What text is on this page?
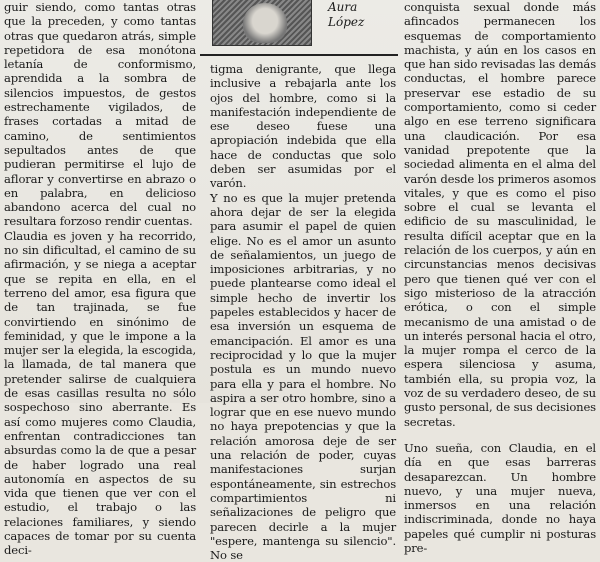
guir siendo, como tantas otras que la preceden, y como tantas otras que quedaron atrás, simple repetidora de esa monótona letanía de conformismo, aprendida a la sombra de silencios impuestos, de gestos estrechamente vigilados, de frases cortadas a mitad de camino, de sentimientos sepultados antes de que pudieran permitirse el lujo de aflorar y convertirse en abrazo o en palabra, en delicioso abandono acerca del cual no resultara forzoso rendir cuentas.

Claudia es joven y ha recorrido, no sin dificultad, el camino de su afirmación, y se niega a aceptar que se repita en ella, en el terreno del amor, esa figura que de tan trajinada, se fue convirtiendo en sinónimo de feminidad, y que le impone a la mujer ser la elegida, la escogida, la llamada, de tal manera que pretender salirse de cualquiera de esas casillas resulta no sólo sospechoso sino aberrante. Es así como mujeres como Claudia, enfrentan contradicciones tan absurdas como la de que a pesar de haber logrado una real autonomía en aspectos de su vida que tienen que ver con el estudio, el trabajo o las relaciones familiares, y siendo capaces de tomar por su cuenta deci-

Aura
López

tigma denigrante, que llega inclusive a rebajarla ante los ojos del hombre, como si la manifestación independiente de ese deseo fuese una apropiación indebida que ella hace de conductas que solo deben ser asumidas por el varón.

Y no es que la mujer pretenda ahora dejar de ser la elegida para asumir el papel de quien elige. No es el amor un asunto de señalamientos, un juego de imposiciones arbitrarias, y no puede plantearse como ideal el simple hecho de invertir los papeles establecidos y hacer de esa inversión un esquema de emancipación. El amor es una reciprocidad y lo que la mujer postula es un mundo nuevo para ella y para el hombre. No aspira a ser otro hombre, sino a lograr que en ese nuevo mundo no haya prepotencias y que la relación amorosa deje de ser una relación de poder, cuyas manifestaciones surjan espontáneamente, sin estrechos compartimientos ni señalizaciones de peligro que parecen decirle a la mujer "espere, mantenga su silencio". No se

conquista sexual donde más afincados permanecen los esquemas de comportamiento machista, y aún en los casos en que han sido revisadas las demás conductas, el hombre parece preservar ese estadio de su comportamiento, como si ceder algo en ese terreno significara una claudicación. Por esa vanidad prepotente que la sociedad alimenta en el alma del varón desde los primeros asomos vitales, y que es como el piso sobre el cual se levanta el edificio de su masculinidad, le resulta difícil aceptar que en la relación de los cuerpos, y aún en circunstancias menos decisivas pero que tienen qué ver con el sigo misterioso de la atracción erótica, o con el simple mecanismo de una amistad o de un interés personal hacia el otro, la mujer rompa el cerco de la espera silenciosa y asuma, también ella, su propia voz, la voz de su verdadero deseo, de su gusto personal, de sus decisiones secretas.

Uno sueña, con Claudia, en el día en que esas barreras desaparezcan. Un hombre nuevo, y una mujer nueva, inmersos en una relación indiscriminada, donde no haya papeles qué cumplir ni posturas pre-
